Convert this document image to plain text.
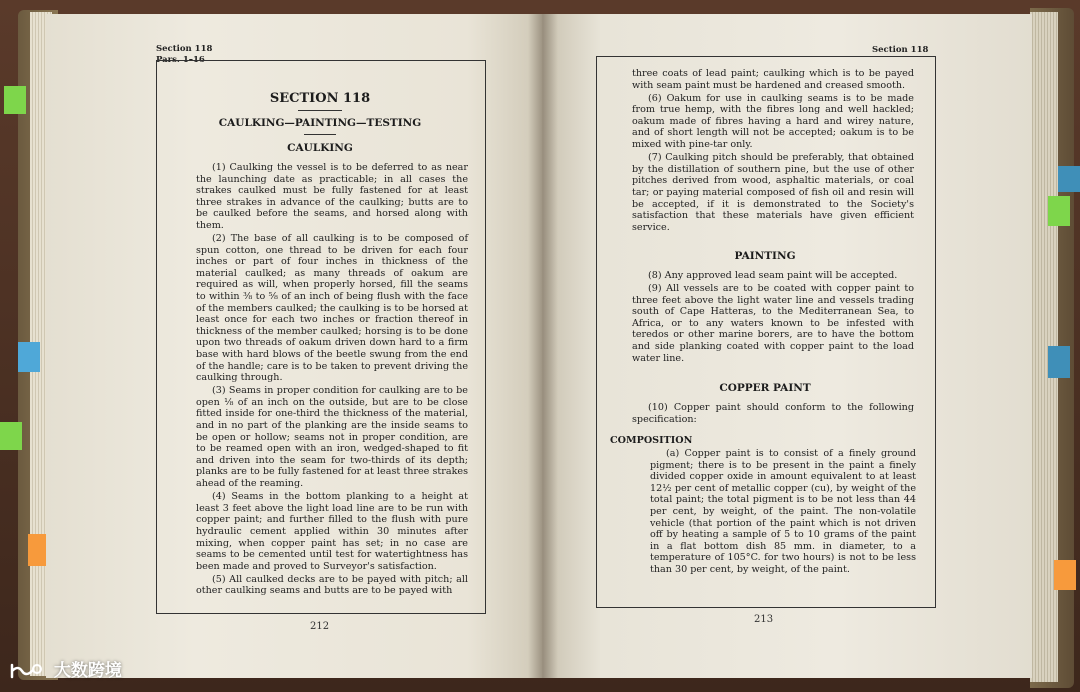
Section 118
Pars. 1–16
SECTION 118
CAULKING—PAINTING—TESTING
CAULKING

(1) Caulking the vessel is to be deferred to as near the launching date as practicable; in all cases the strakes caulked must be fully fastened for at least three strakes in advance of the caulking; butts are to be caulked before the seams, and horsed along with them.

(2) The base of all caulking is to be composed of spun cotton, one thread to be driven for each four inches or part of four inches in thickness of the material caulked; as many threads of oakum are required as will, when properly horsed, fill the seams to within ⅜ to ⅝ of an inch of being flush with the face of the members caulked; the caulking is to be horsed at least once for each two inches or fraction thereof in thickness of the member caulked; horsing is to be done upon two threads of oakum driven down hard to a firm base with hard blows of the beetle swung from the end of the handle; care is to be taken to prevent driving the caulking through.

(3) Seams in proper condition for caulking are to be open ⅛ of an inch on the outside, but are to be close fitted inside for one-third the thickness of the material, and in no part of the planking are the inside seams to be open or hollow; seams not in proper condition, are to be reamed open with an iron, wedged-shaped to fit and driven into the seam for two-thirds of its depth; planks are to be fully fastened for at least three strakes ahead of the reaming.

(4) Seams in the bottom planking to a height at least 3 feet above the light load line are to be run with copper paint; and further filled to the flush with pure hydraulic cement applied within 30 minutes after mixing, when copper paint has set; in no case are seams to be cemented until test for watertightness has been made and proved to Surveyor's satisfaction.

(5) All caulked decks are to be payed with pitch; all other caulking seams and butts are to be payed with

212
Section 118

three coats of lead paint; caulking which is to be payed with seam paint must be hardened and creased smooth.

(6) Oakum for use in caulking seams is to be made from true hemp, with the fibres long and well hackled; oakum made of fibres having a hard and wirey nature, and of short length will not be accepted; oakum is to be mixed with pine-tar only.

(7) Caulking pitch should be preferably, that obtained by the distillation of southern pine, but the use of other pitches derived from wood, asphaltic materials, or coal tar; or paying material composed of fish oil and resin will be accepted, if it is demonstrated to the Society's satisfaction that these materials have given efficient service.

PAINTING

(8) Any approved lead seam paint will be accepted.

(9) All vessels are to be coated with copper paint to three feet above the light water line and vessels trading south of Cape Hatteras, to the Mediterranean Sea, to Africa, or to any waters known to be infested with teredos or other marine borers, are to have the bottom and side planking coated with copper paint to the load water line.

COPPER PAINT

(10) Copper paint should conform to the following specification:

COMPOSITION

(a) Copper paint is to consist of a finely ground pigment; there is to be present in the paint a finely divided copper oxide in amount equivalent to at least 12½ per cent of metallic copper (cu), by weight of the total paint; the total pigment is to be not less than 44 per cent, by weight, of the paint. The non-volatile vehicle (that portion of the paint which is not driven off by heating a sample of 5 to 10 grams of the paint in a flat bottom dish 85 mm. in diameter, to a temperature of 105°C. for two hours) is not to be less than 30 per cent, by weight, of the paint.

213
大数跨境
